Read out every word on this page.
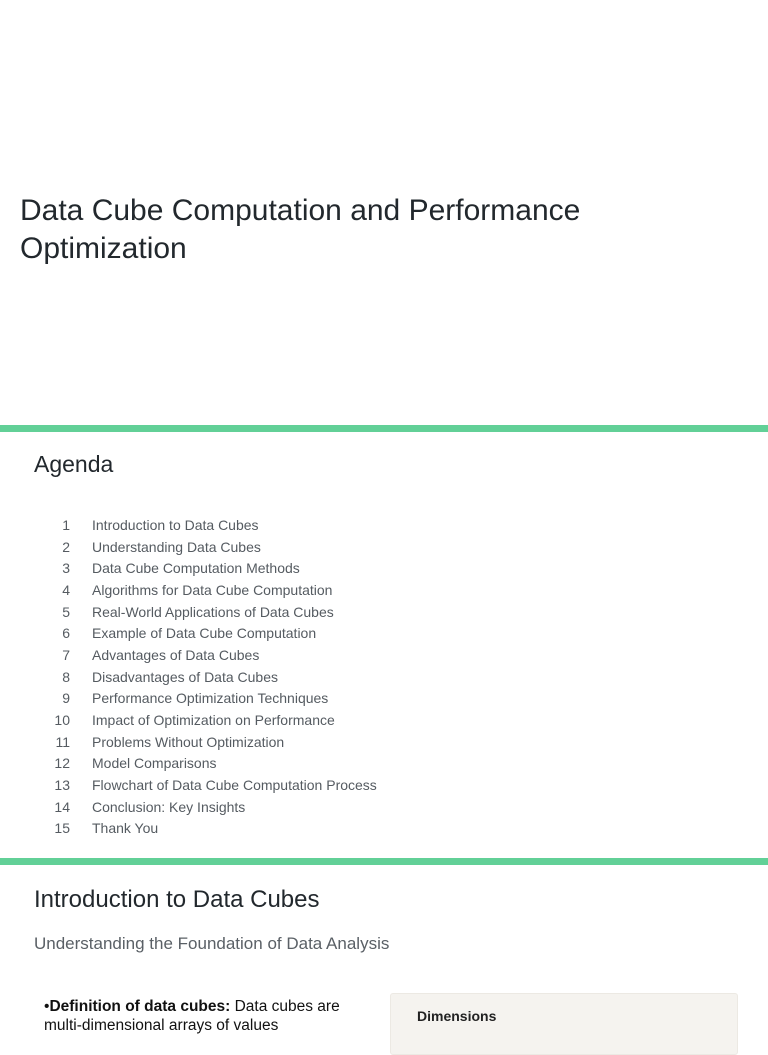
Data Cube Computation and Performance Optimization
Agenda
1	Introduction to Data Cubes
2	Understanding Data Cubes
3	Data Cube Computation Methods
4	Algorithms for Data Cube Computation
5	Real-World Applications of Data Cubes
6	Example of Data Cube Computation
7	Advantages of Data Cubes
8	Disadvantages of Data Cubes
9	Performance Optimization Techniques
10	Impact of Optimization on Performance
11	Problems Without Optimization
12	Model Comparisons
13	Flowchart of Data Cube Computation Process
14	Conclusion: Key Insights
15	Thank You
Introduction to Data Cubes

Understanding the Foundation of Data Analysis

•Definition of data cubes: Data cubes are multi-dimensional arrays of values

Dimensions
